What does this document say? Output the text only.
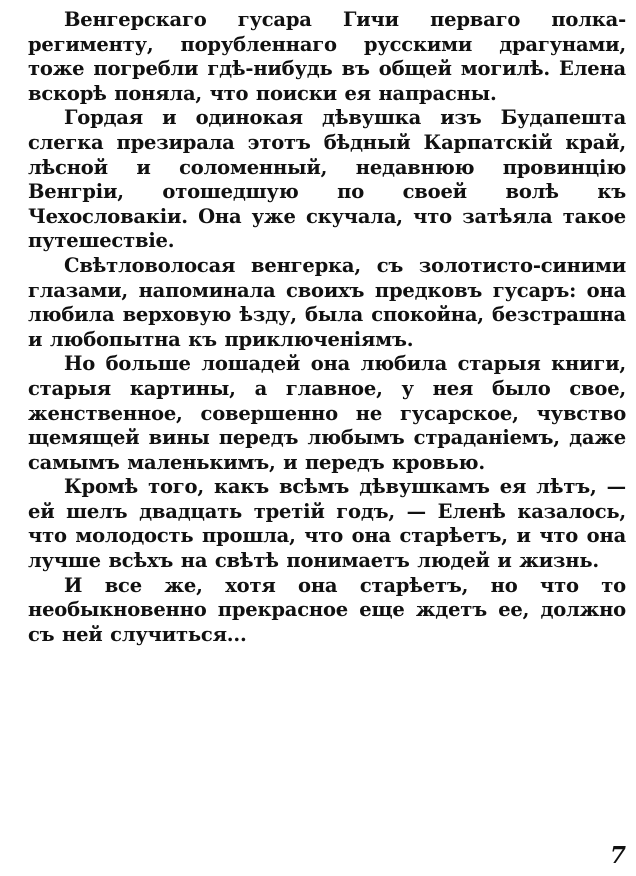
Венгерскаго гусара Гичи перваго полка-регименту, порубленнаго русскими драгунами, тоже погребли гдѣ-нибудь въ общей могилѣ. Елена вскорѣ поняла, что поиски ея напрасны.

Гордая и одинокая дѣвушка изъ Будапешта слегка презирала этотъ бѣдный Карпатскій край, лѣсной и соломенный, недавнюю провинцію Венгріи, отошедшую по своей волѣ къ Чехословакіи. Она уже скучала, что затѣяла такое путешествіе.

Свѣтловолосая венгерка, съ золотисто-синими глазами, напоминала своихъ предковъ гусаръ: она любила верховую ѣзду, была спокойна, безстрашна и любопытна къ приключеніямъ.

Но больше лошадей она любила старыя книги, старыя картины, а главное, у нея было свое, женственное, совершенно не гусарское, чувство щемящей вины передъ любымъ страданіемъ, даже самымъ маленькимъ, и передъ кровью.

Кромѣ того, какъ всѣмъ дѣвушкамъ ея лѣтъ, — ей шелъ двадцать третій годъ, — Еленѣ казалось, что молодость прошла, что она старѣетъ, и что она лучше всѣхъ на свѣтѣ понимаетъ людей и жизнь.

И все же, хотя она старѣетъ, но что то необыкновенно прекрасное еще ждетъ ее, должно съ ней случиться...

7
